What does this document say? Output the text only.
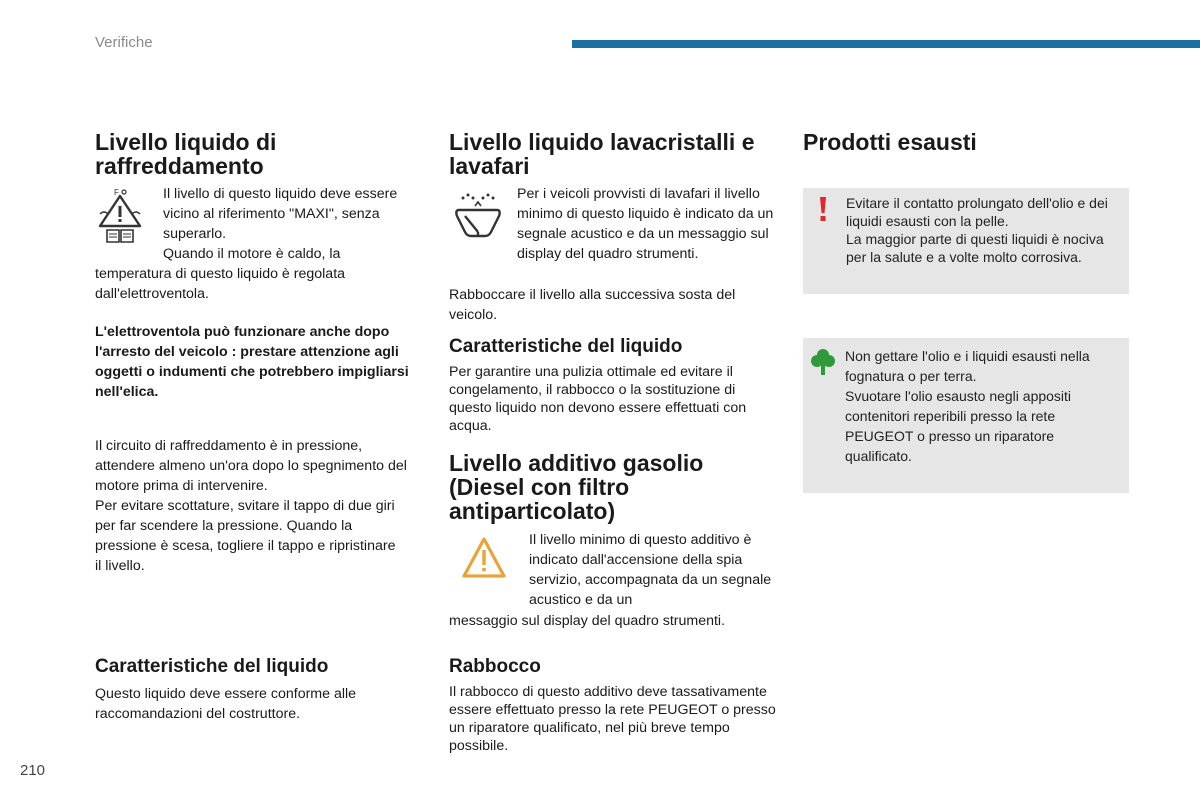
Verifiche
Livello liquido di raffreddamento
F	Il livello di questo liquido deve essere vicino al riferimento "MAXI", senza superarlo.

Quando il motore è caldo, la

temperatura di questo liquido è regolata dall'elettroventola.

L'elettroventola può funzionare anche dopo l'arresto del veicolo : prestare attenzione agli oggetti o indumenti che potrebbero impigliarsi nell'elica.

Il circuito di raffreddamento è in pressione, attendere almeno un'ora dopo lo spegnimento del motore prima di intervenire.

Per evitare scottature, svitare il tappo di due giri per far scendere la pressione. Quando la pressione è scesa, togliere il tappo e ripristinare il livello.

Caratteristiche del liquido

Questo liquido deve essere conforme alle raccomandazioni del costruttore.

Livello liquido lavacristalli e lavafari

Per i veicoli provvisti di lavafari il livello minimo di questo liquido è indicato da un segnale acustico e da un messaggio sul display del quadro strumenti.

Rabboccare il livello alla successiva sosta del veicolo.

Caratteristiche del liquido

Per garantire una pulizia ottimale ed evitare il congelamento, il rabbocco o la sostituzione di questo liquido non devono essere effettuati con acqua.

Livello additivo gasolio (Diesel con filtro antiparticolato)

Il livello minimo di questo additivo è indicato dall'accensione della spia servizio, accompagnata da un segnale acustico e da un

messaggio sul display del quadro strumenti.

Rabbocco

Il rabbocco di questo additivo deve tassativamente essere effettuato presso la rete PEUGEOT o presso un riparatore qualificato, nel più breve tempo possibile.

Prodotti esausti
Evitare il contatto prolungato dell'olio e dei liquidi esausti con la pelle.
La maggior parte di questi liquidi è nociva per la salute e a volte molto corrosiva.
Non gettare l'olio e i liquidi esausti nella fognatura o per terra.
Svuotare l'olio esausto negli appositi contenitori reperibili presso la rete PEUGEOT o presso un riparatore qualificato.
210
